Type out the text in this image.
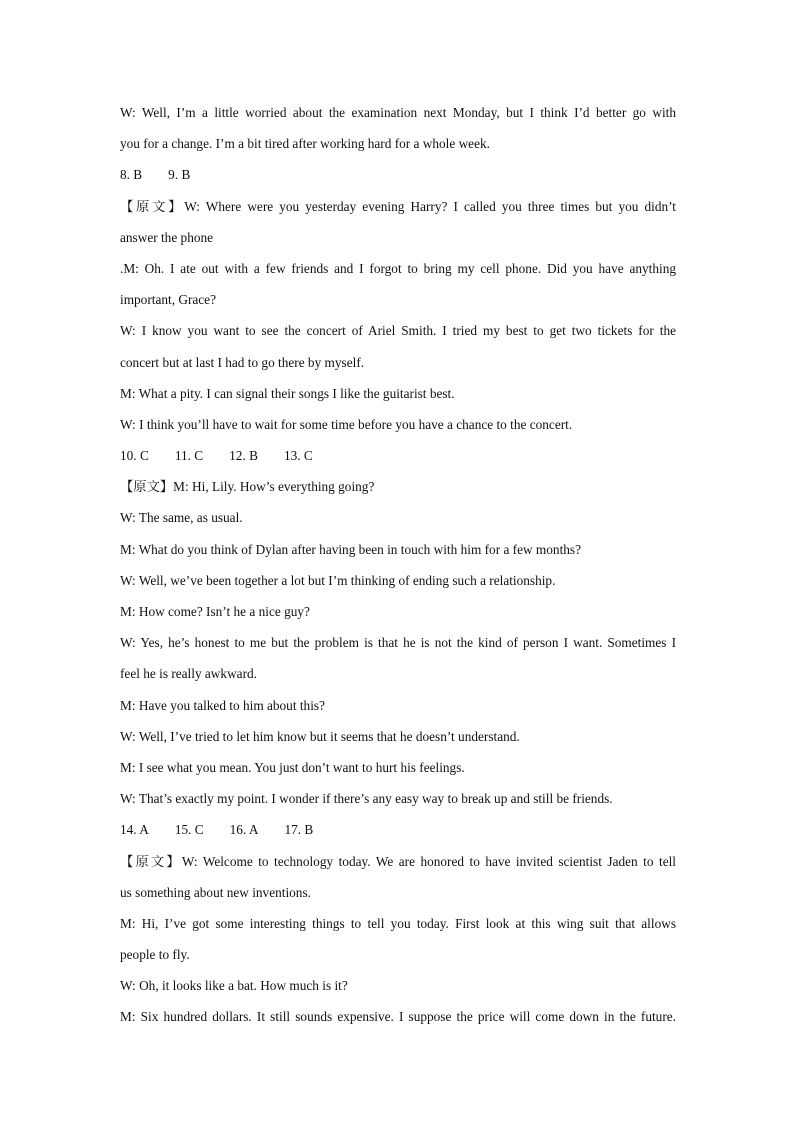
W: Well, I’m a little worried about the examination next Monday, but I think I’d better go with
you for a change. I’m a bit tired after working hard for a whole week.
8. B 9. B
【原文】W: Where were you yesterday evening Harry? I called you three times but you didn’t
answer the phone
.M: Oh. I ate out with a few friends and I forgot to bring my cell phone. Did you have anything
important, Grace?
W: I know you want to see the concert of Ariel Smith. I tried my best to get two tickets for the
concert but at last I had to go there by myself.
M: What a pity. I can signal their songs I like the guitarist best.
W: I think you’ll have to wait for some time before you have a chance to the concert.
10. C 11. C 12. B 13. C
【原文】M: Hi, Lily. How’s everything going?
W: The same, as usual.
M: What do you think of Dylan after having been in touch with him for a few months?
W: Well, we’ve been together a lot but I’m thinking of ending such a relationship.
M: How come? Isn’t he a nice guy?
W: Yes, he’s honest to me but the problem is that he is not the kind of person I want. Sometimes I
feel he is really awkward.
M: Have you talked to him about this?
W: Well, I’ve tried to let him know but it seems that he doesn’t understand.
M: I see what you mean. You just don’t want to hurt his feelings.
W: That’s exactly my point. I wonder if there’s any easy way to break up and still be friends.
14. A 15. C 16. A 17. B
【原文】W: Welcome to technology today. We are honored to have invited scientist Jaden to tell
us something about new inventions.
M: Hi, I’ve got some interesting things to tell you today. First look at this wing suit that allows
people to fly.
W: Oh, it looks like a bat. How much is it?
M: Six hundred dollars. It still sounds expensive. I suppose the price will come down in the future.
